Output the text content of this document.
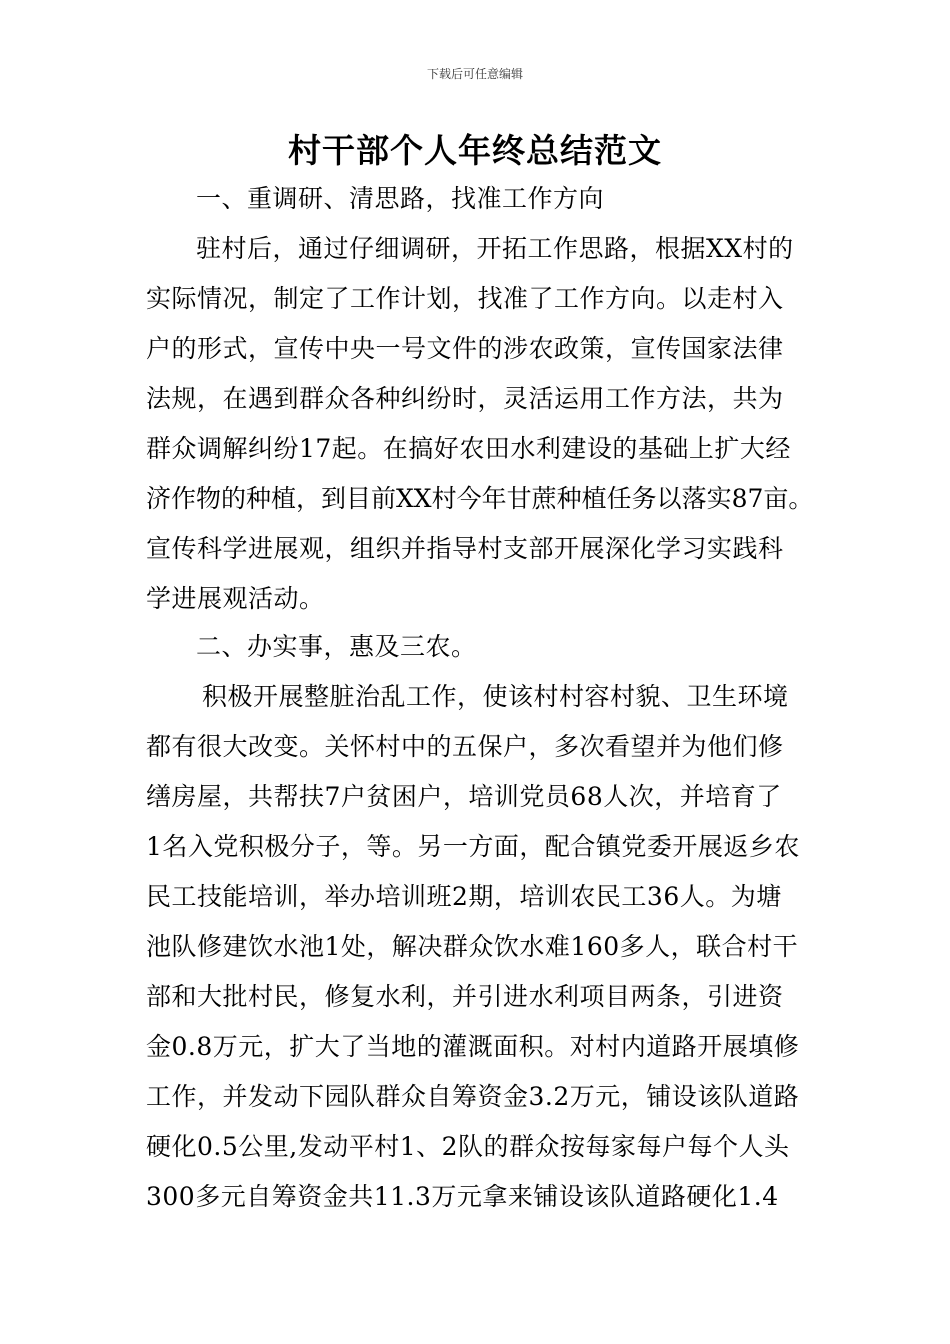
下载后可任意编辑
村干部个人年终总结范文
一、重调研、清思路，找准工作方向
驻村后，通过仔细调研，开拓工作思路，根据XX村的
实际情况，制定了工作计划，找准了工作方向。以走村入
户的形式，宣传中央一号文件的涉农政策，宣传国家法律
法规，在遇到群众各种纠纷时，灵活运用工作方法，共为
群众调解纠纷17起。在搞好农田水利建设的基础上扩大经
济作物的种植，到目前XX村今年甘蔗种植任务以落实87亩。
宣传科学进展观，组织并指导村支部开展深化学习实践科
学进展观活动。
二、办实事，惠及三农。
积极开展整脏治乱工作，使该村村容村貌、卫生环境
都有很大改变。关怀村中的五保户，多次看望并为他们修
缮房屋，共帮扶7户贫困户，培训党员68人次，并培育了
1名入党积极分子，等。另一方面，配合镇党委开展返乡农
民工技能培训，举办培训班2期，培训农民工36人。为塘
池队修建饮水池1处，解决群众饮水难160多人，联合村干
部和大批村民，修复水利，并引进水利项目两条，引进资
金0.8万元，扩大了当地的灌溉面积。对村内道路开展填修
工作，并发动下园队群众自筹资金3.2万元，铺设该队道路
硬化0.5公里,发动平村1、2队的群众按每家每户每个人头
300多元自筹资金共11.3万元拿来铺设该队道路硬化1.4
